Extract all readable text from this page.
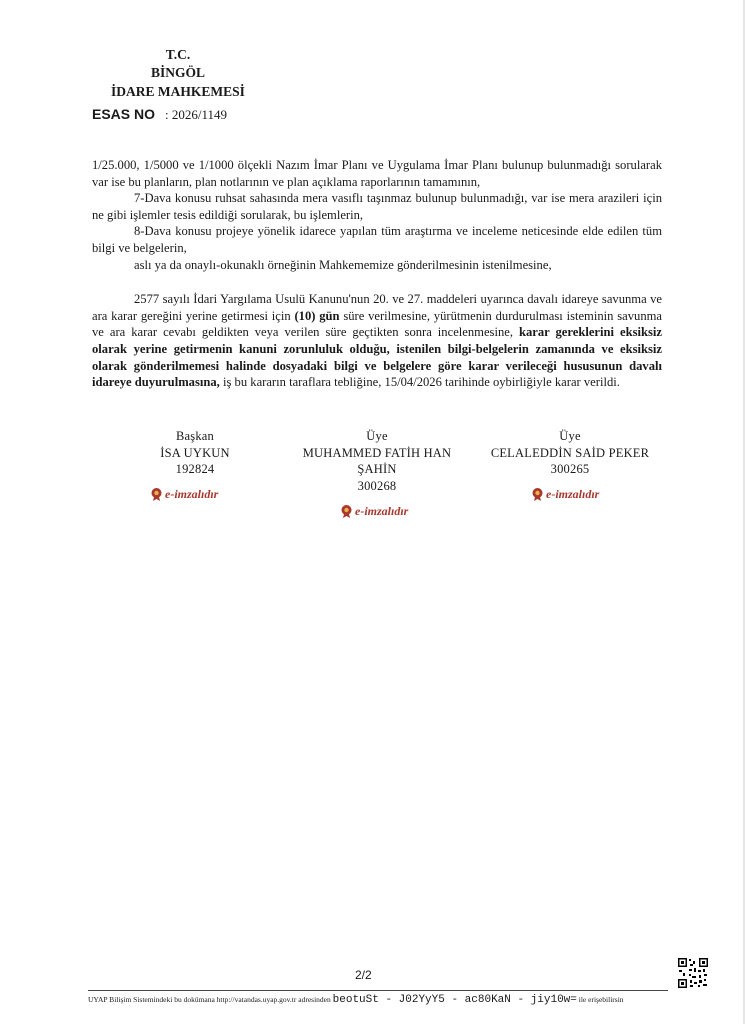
T.C.
BİNGÖL
İDARE MAHKEMESİ
ESAS NO : 2026/1149

1/25.000, 1/5000 ve 1/1000 ölçekli Nazım İmar Planı ve Uygulama İmar Planı bulunup bulunmadığı sorularak var ise bu planların, plan notlarının ve plan açıklama raporlarının tamamının,

7-Dava konusu ruhsat sahasında mera vasıflı taşınmaz bulunup bulunmadığı, var ise mera arazileri için ne gibi işlemler tesis edildiği sorularak, bu işlemlerin,

8-Dava konusu projeye yönelik idarece yapılan tüm araştırma ve inceleme neticesinde elde edilen tüm bilgi ve belgelerin,

aslı ya da onaylı-okunaklı örneğinin Mahkememize gönderilmesinin istenilmesine,

2577 sayılı İdari Yargılama Usulü Kanunu'nun 20. ve 27. maddeleri uyarınca davalı idareye savunma ve ara karar gereğini yerine getirmesi için (10) gün süre verilmesine, yürütmenin durdurulması isteminin savunma ve ara karar cevabı geldikten veya verilen süre geçtikten sonra incelenmesine, karar gereklerini eksiksiz olarak yerine getirmenin kanuni zorunluluk olduğu, istenilen bilgi-belgelerin zamanında ve eksiksiz olarak gönderilmemesi halinde dosyadaki bilgi ve belgelere göre karar verileceği hususunun davalı idareye duyurulmasına, iş bu kararın taraflara tebliğine, 15/04/2026 tarihinde oybirliğiyle karar verildi.

Başkan
İSA UYKUN
192824
e-imzalıdır
Üye
MUHAMMED FATİH HAN
ŞAHİN
300268
e-imzalıdır
Üye
CELALEDDİN SAİD PEKER
300265
e-imzalıdır
2/2
UYAP Bilişim Sistemindeki bu dokümana http://vatandas.uyap.gov.tr adresinden beotuSt - J02YyY5 - ac80KaN - jiy10w= ile erişebilirsin
